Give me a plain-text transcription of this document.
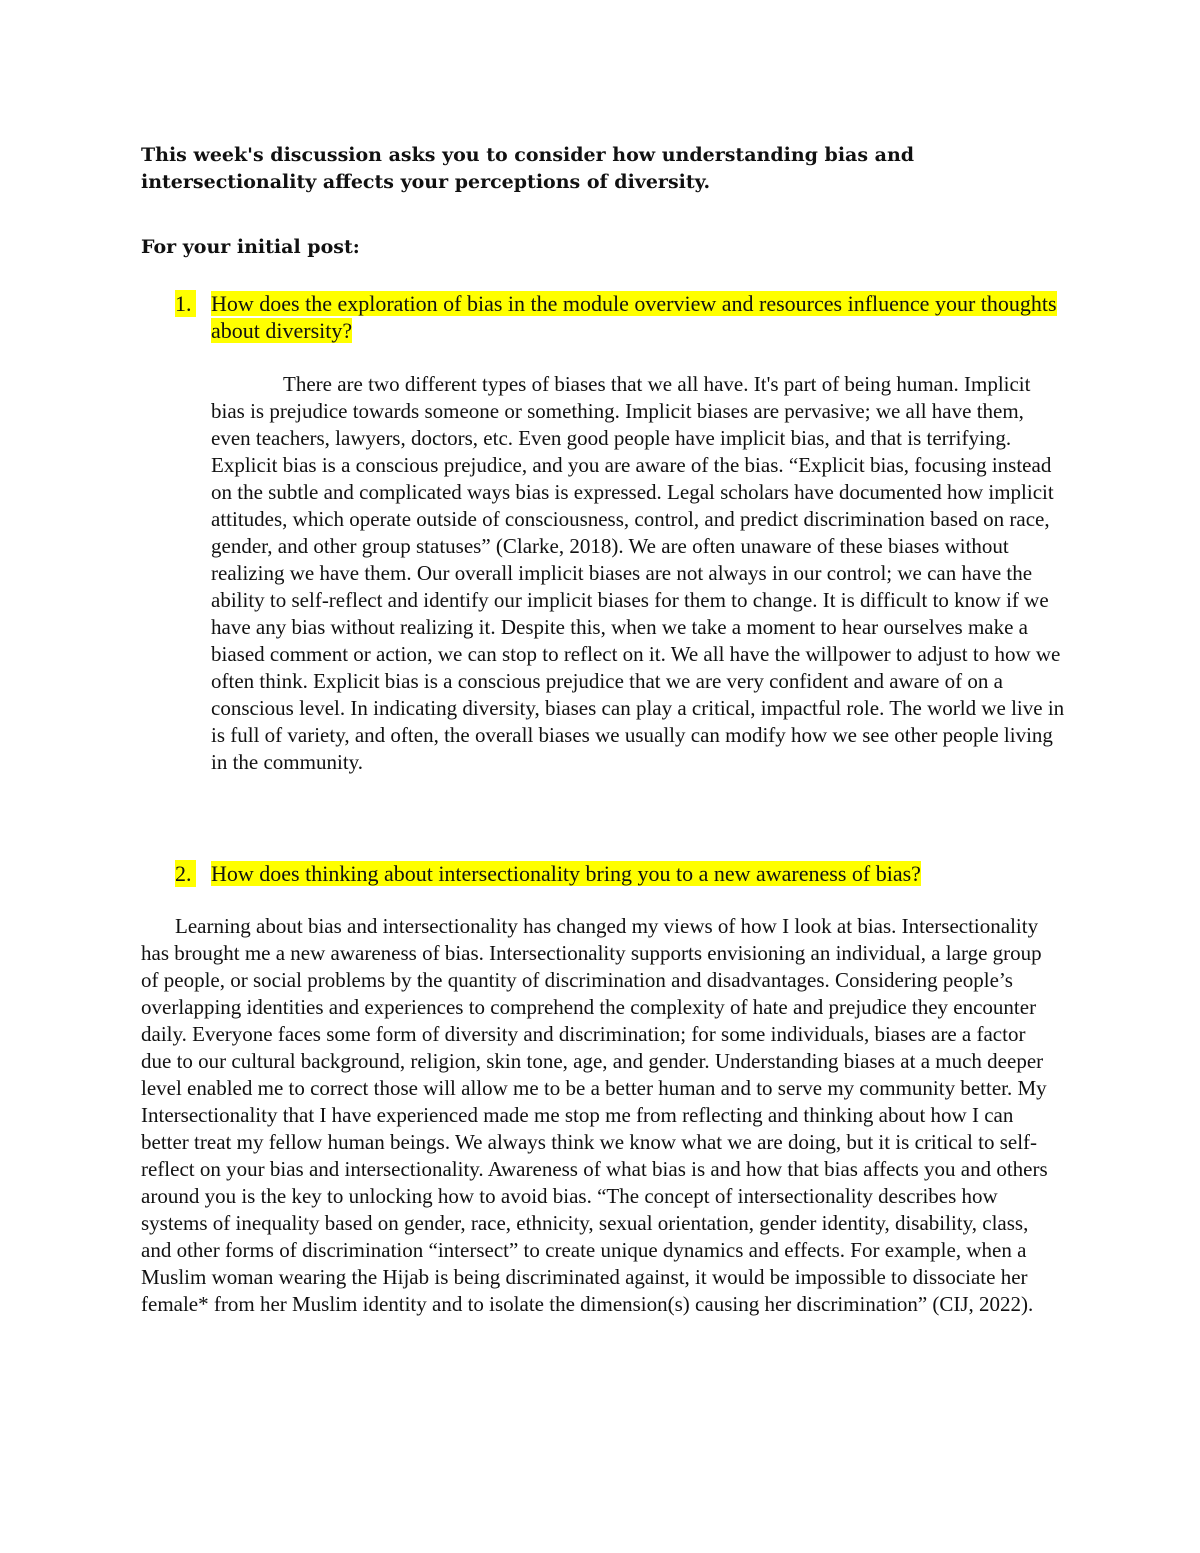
This week's discussion asks you to consider how understanding bias and intersectionality affects your perceptions of diversity.

For your initial post:

1. How does the exploration of bias in the module overview and resources influence your thoughts about diversity?

There are two different types of biases that we all have. It's part of being human. Implicit bias is prejudice towards someone or something. Implicit biases are pervasive; we all have them, even teachers, lawyers, doctors, etc. Even good people have implicit bias, and that is terrifying. Explicit bias is a conscious prejudice, and you are aware of the bias. “Explicit bias, focusing instead on the subtle and complicated ways bias is expressed. Legal scholars have documented how implicit attitudes, which operate outside of consciousness, control, and predict discrimination based on race, gender, and other group statuses” (Clarke, 2018). We are often unaware of these biases without realizing we have them. Our overall implicit biases are not always in our control; we can have the ability to self-reflect and identify our implicit biases for them to change. It is difficult to know if we have any bias without realizing it. Despite this, when we take a moment to hear ourselves make a biased comment or action, we can stop to reflect on it. We all have the willpower to adjust to how we often think. Explicit bias is a conscious prejudice that we are very confident and aware of on a conscious level. In indicating diversity, biases can play a critical, impactful role. The world we live in is full of variety, and often, the overall biases we usually can modify how we see other people living in the community.

2. How does thinking about intersectionality bring you to a new awareness of bias?

Learning about bias and intersectionality has changed my views of how I look at bias. Intersectionality has brought me a new awareness of bias. Intersectionality supports envisioning an individual, a large group of people, or social problems by the quantity of discrimination and disadvantages. Considering people’s overlapping identities and experiences to comprehend the complexity of hate and prejudice they encounter daily. Everyone faces some form of diversity and discrimination; for some individuals, biases are a factor due to our cultural background, religion, skin tone, age, and gender. Understanding biases at a much deeper level enabled me to correct those will allow me to be a better human and to serve my community better. My Intersectionality that I have experienced made me stop me from reflecting and thinking about how I can better treat my fellow human beings. We always think we know what we are doing, but it is critical to self-reflect on your bias and intersectionality. Awareness of what bias is and how that bias affects you and others around you is the key to unlocking how to avoid bias. “The concept of intersectionality describes how systems of inequality based on gender, race, ethnicity, sexual orientation, gender identity, disability, class, and other forms of discrimination “intersect” to create unique dynamics and effects. For example, when a Muslim woman wearing the Hijab is being discriminated against, it would be impossible to dissociate her female* from her Muslim identity and to isolate the dimension(s) causing her discrimination” (CIJ, 2022).
